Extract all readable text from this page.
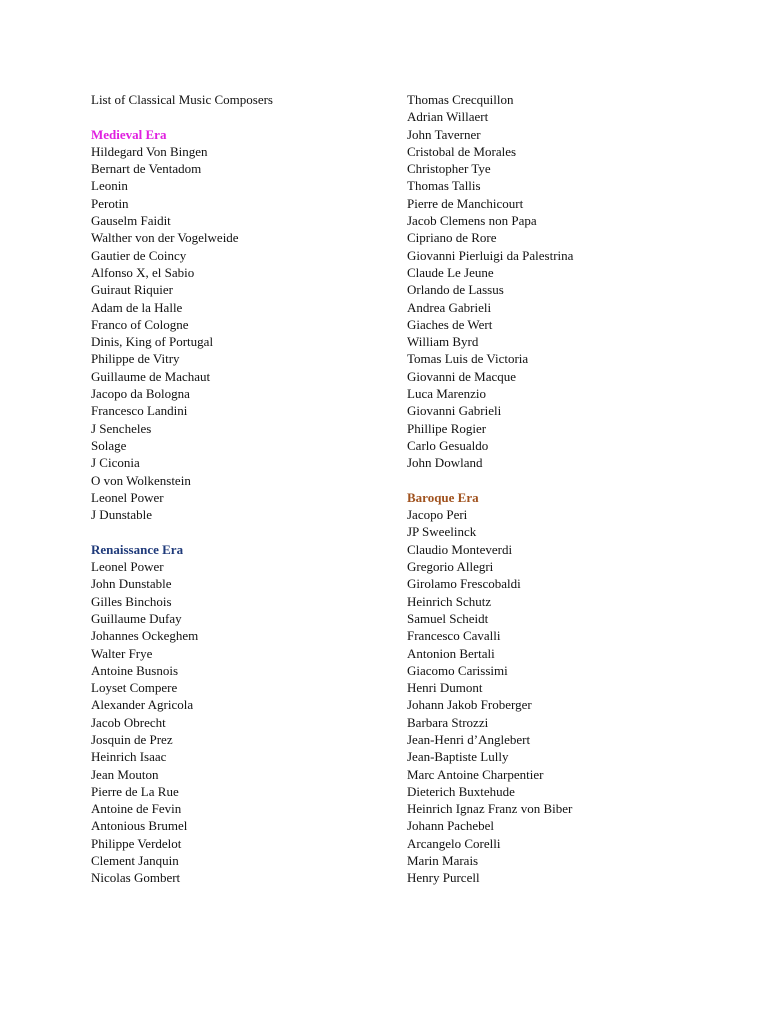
List of Classical Music Composers
Medieval Era
Hildegard Von Bingen
Bernart de Ventadom
Leonin
Perotin
Gauselm Faidit
Walther von der Vogelweide
Gautier de Coincy
Alfonso X, el Sabio
Guiraut Riquier
Adam de la Halle
Franco of Cologne
Dinis, King of Portugal
Philippe de Vitry
Guillaume de Machaut
Jacopo da Bologna
Francesco Landini
J Sencheles
Solage
J Ciconia
O von Wolkenstein
Leonel Power
J Dunstable
Renaissance Era
Leonel Power
John Dunstable
Gilles Binchois
Guillaume Dufay
Johannes Ockeghem
Walter Frye
Antoine Busnois
Loyset Compere
Alexander Agricola
Jacob Obrecht
Josquin de Prez
Heinrich Isaac
Jean Mouton
Pierre de La Rue
Antoine de Fevin
Antonious Brumel
Philippe Verdelot
Clement Janquin
Nicolas Gombert
Thomas Crecquillon
Adrian Willaert
John Taverner
Cristobal de Morales
Christopher Tye
Thomas Tallis
Pierre de Manchicourt
Jacob Clemens non Papa
Cipriano de Rore
Giovanni Pierluigi da Palestrina
Claude Le Jeune
Orlando de Lassus
Andrea Gabrieli
Giaches de Wert
William Byrd
Tomas Luis de Victoria
Giovanni de Macque
Luca Marenzio
Giovanni Gabrieli
Phillipe Rogier
Carlo Gesualdo
John Dowland
Baroque Era
Jacopo Peri
JP Sweelinck
Claudio Monteverdi
Gregorio Allegri
Girolamo Frescobaldi
Heinrich Schutz
Samuel Scheidt
Francesco Cavalli
Antonion Bertali
Giacomo Carissimi
Henri Dumont
Johann Jakob Froberger
Barbara Strozzi
Jean-Henri d’Anglebert
Jean-Baptiste Lully
Marc Antoine Charpentier
Dieterich Buxtehude
Heinrich Ignaz Franz von Biber
Johann Pachebel
Arcangelo Corelli
Marin Marais
Henry Purcell
